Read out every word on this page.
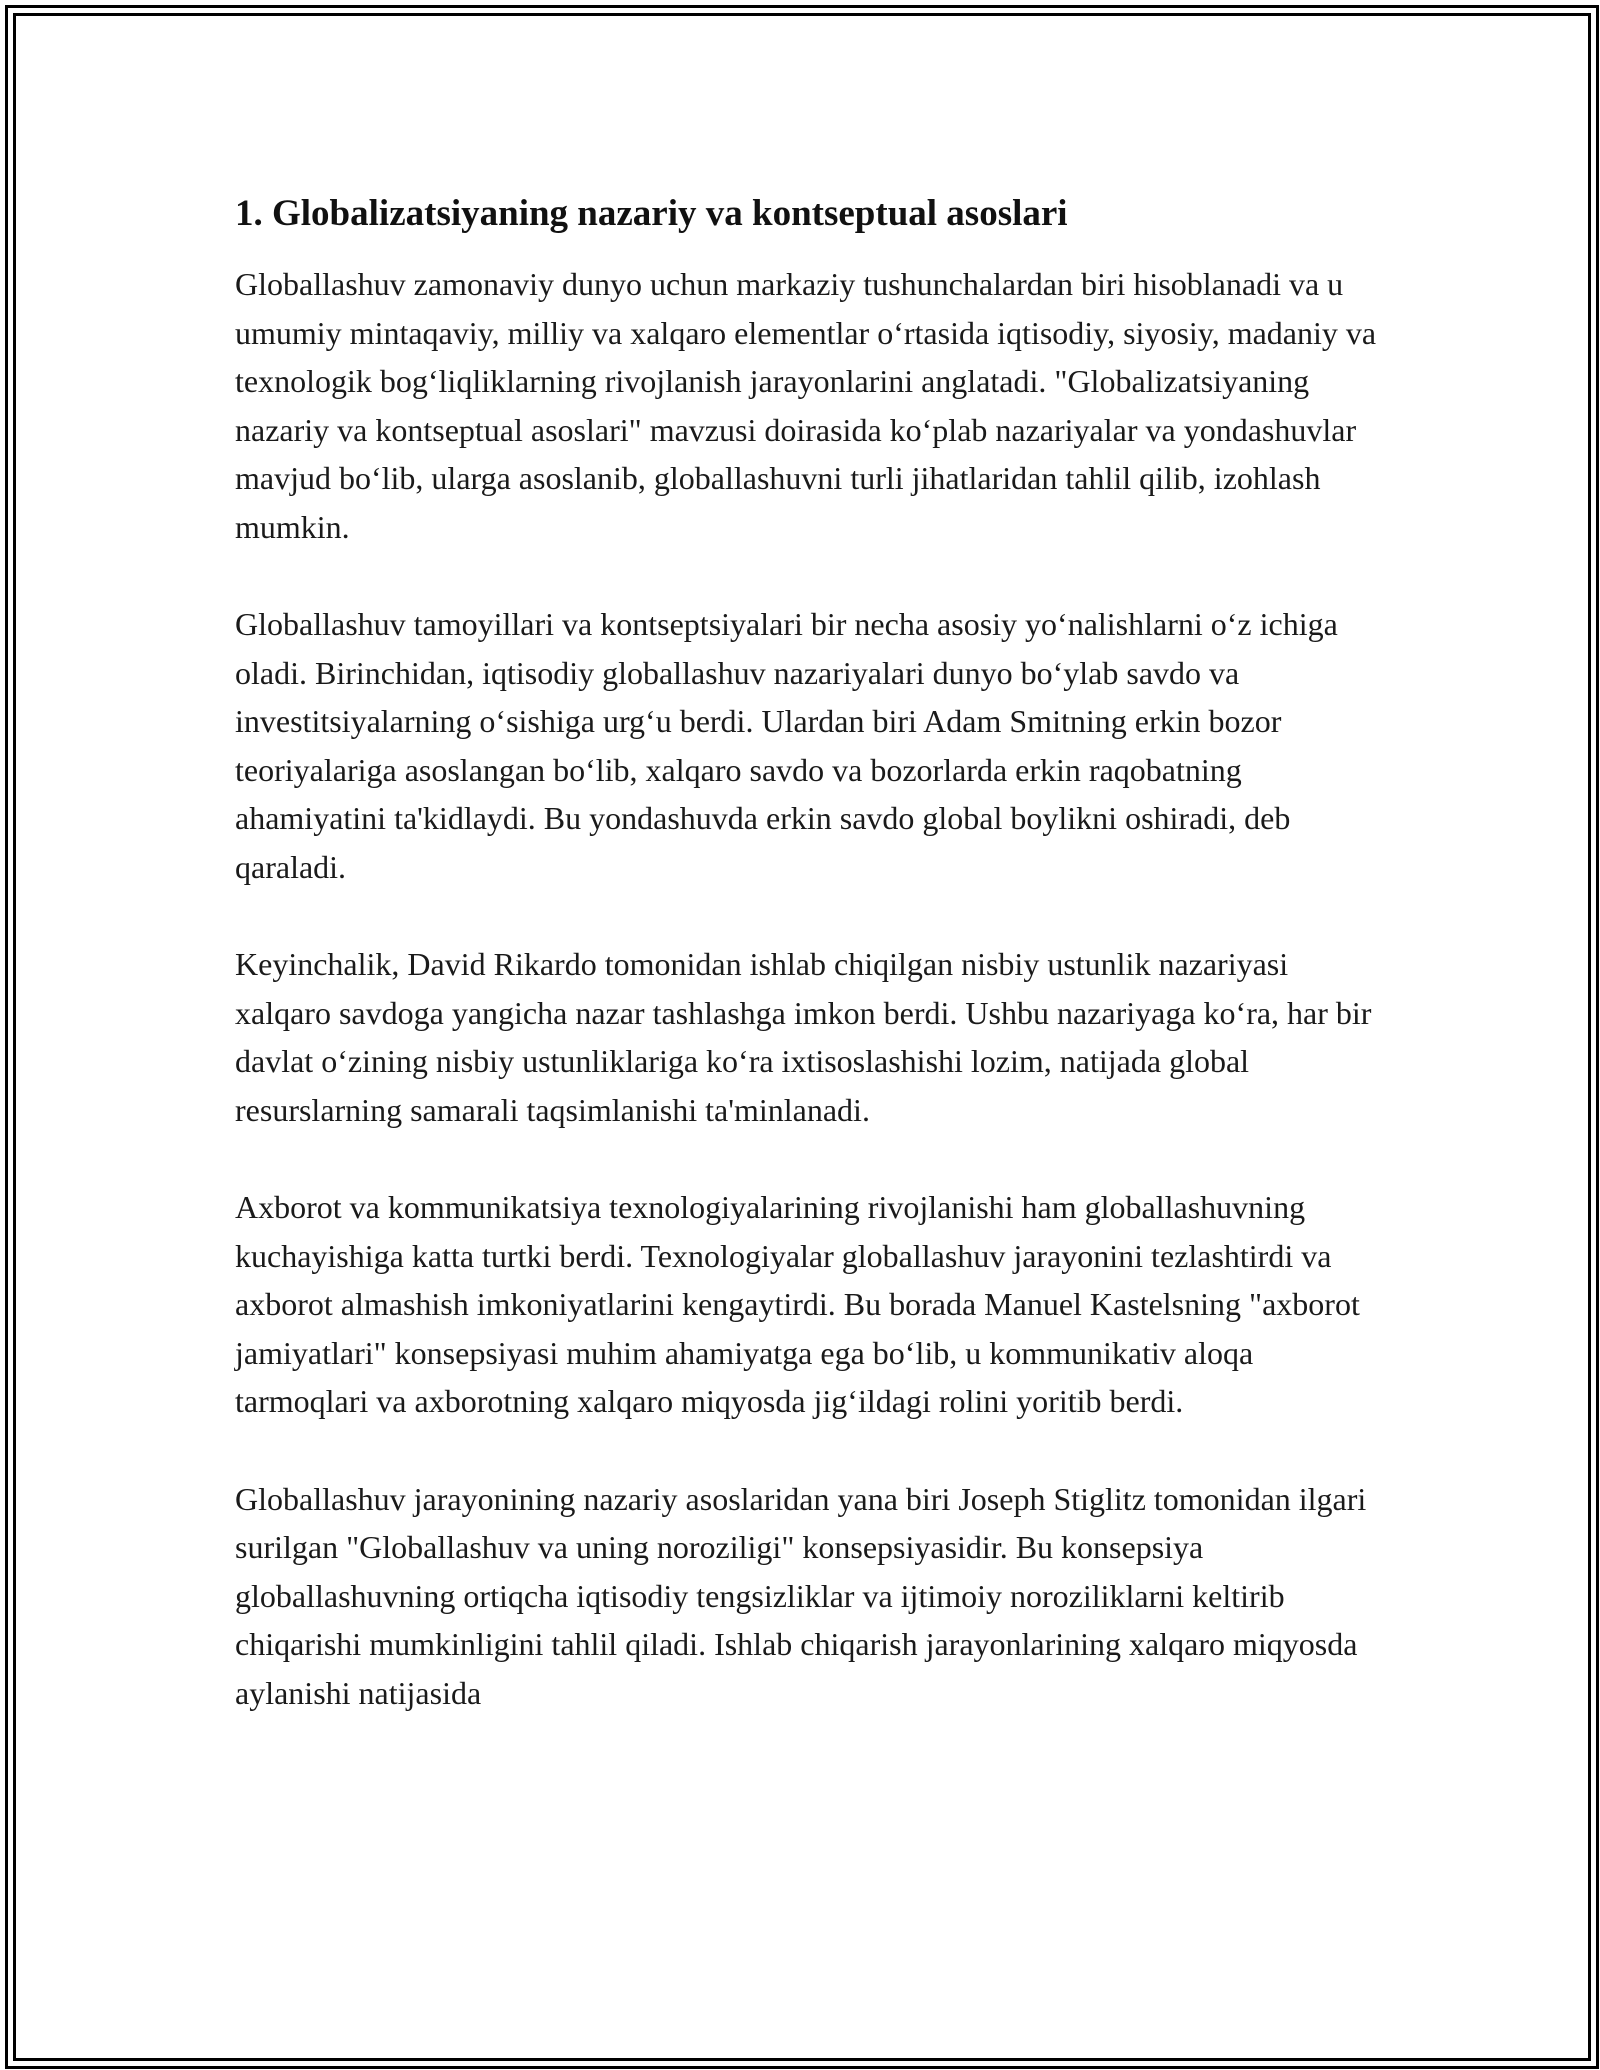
1. Globalizatsiyaning nazariy va kontseptual asoslari

Globallashuv zamonaviy dunyo uchun markaziy tushunchalardan biri hisoblanadi va u umumiy mintaqaviy, milliy va xalqaro elementlar oʻrtasida iqtisodiy, siyosiy, madaniy va texnologik bogʻliqliklarning rivojlanish jarayonlarini anglatadi. "Globalizatsiyaning nazariy va kontseptual asoslari" mavzusi doirasida koʻplab nazariyalar va yondashuvlar mavjud boʻlib, ularga asoslanib, globallashuvni turli jihatlaridan tahlil qilib, izohlash mumkin.

Globallashuv tamoyillari va kontseptsiyalari bir necha asosiy yoʻnalishlarni oʻz ichiga oladi. Birinchidan, iqtisodiy globallashuv nazariyalari dunyo boʻylab savdo va investitsiyalarning oʻsishiga urgʻu berdi. Ulardan biri Adam Smitning erkin bozor teoriyalariga asoslangan boʻlib, xalqaro savdo va bozorlarda erkin raqobatning ahamiyatini ta'kidlaydi. Bu yondashuvda erkin savdo global boylikni oshiradi, deb qaraladi.

Keyinchalik, David Rikardo tomonidan ishlab chiqilgan nisbiy ustunlik nazariyasi xalqaro savdoga yangicha nazar tashlashga imkon berdi. Ushbu nazariyaga koʻra, har bir davlat oʻzining nisbiy ustunliklariga koʻra ixtisoslashishi lozim, natijada global resurslarning samarali taqsimlanishi ta'minlanadi.

Axborot va kommunikatsiya texnologiyalarining rivojlanishi ham globallashuvning kuchayishiga katta turtki berdi. Texnologiyalar globallashuv jarayonini tezlashtirdi va axborot almashish imkoniyatlarini kengaytirdi. Bu borada Manuel Kastelsning "axborot jamiyatlari" konsepsiyasi muhim ahamiyatga ega boʻlib, u kommunikativ aloqa tarmoqlari va axborotning xalqaro miqyosda jigʻildagi rolini yoritib berdi.

Globallashuv jarayonining nazariy asoslaridan yana biri Joseph Stiglitz tomonidan ilgari surilgan "Globallashuv va uning noroziligi" konsepsiyasidir. Bu konsepsiya globallashuvning ortiqcha iqtisodiy tengsizliklar va ijtimoiy noroziliklarni keltirib chiqarishi mumkinligini tahlil qiladi. Ishlab chiqarish jarayonlarining xalqaro miqyosda aylanishi natijasida
